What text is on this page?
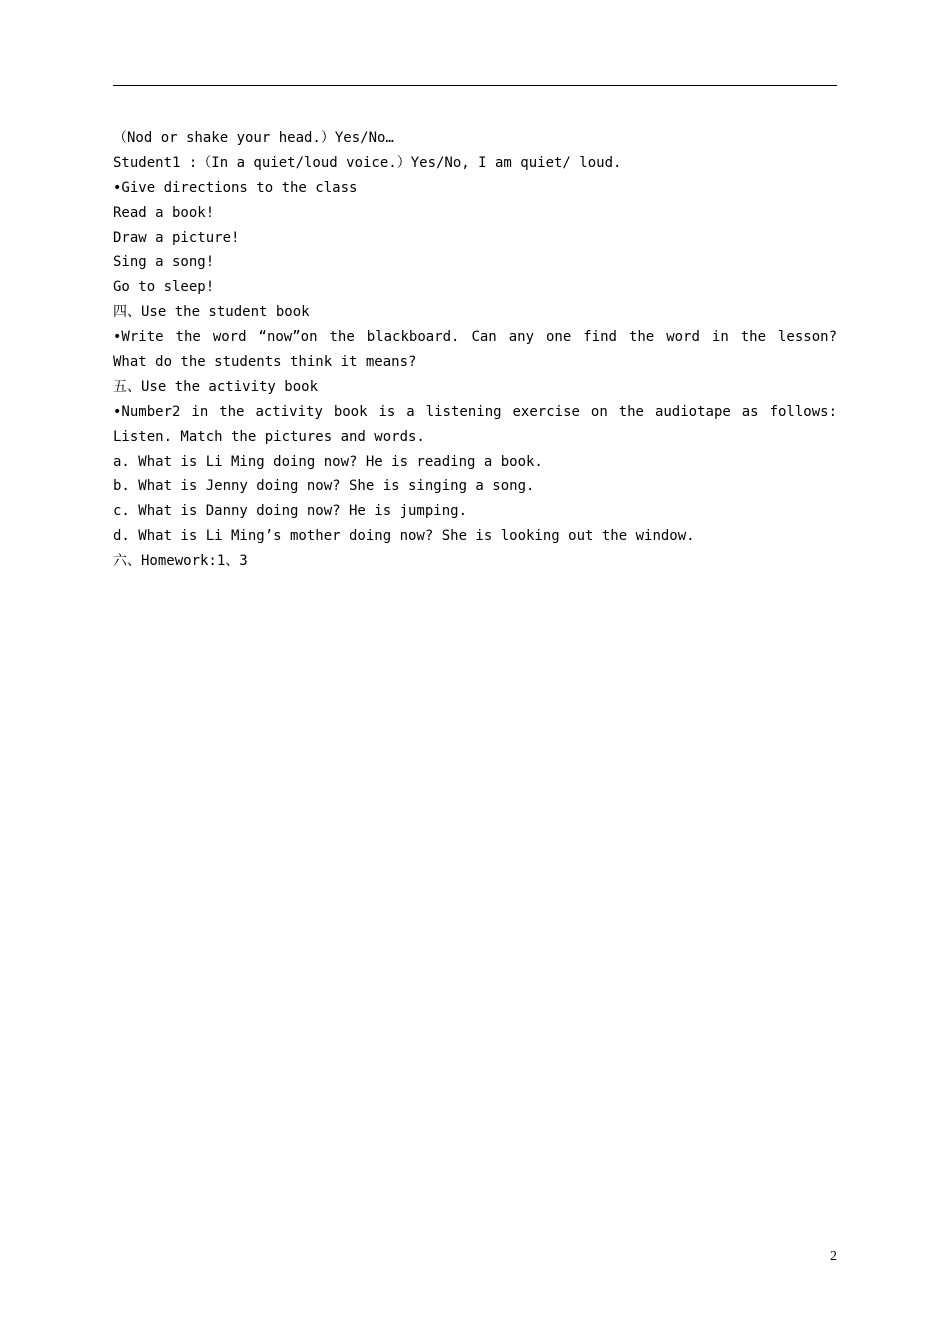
（Nod or shake your head.）Yes/No…
Student1 :（In a quiet/loud voice.）Yes/No, I am quiet/ loud.
•Give directions to the class
Read a book!
Draw a picture!
Sing a song!
Go to sleep!
四、Use the student book
•Write the word “now”on the blackboard. Can any one find the word in the lesson?
What do the students think it means?
五、Use the activity book
•Number2 in the activity book is a listening exercise on the audiotape as follows:
Listen. Match the pictures and words.
a. What is Li Ming doing now? He is reading a book.
b. What is Jenny doing now? She is singing a song.
c. What is Danny doing now? He is jumping.
d. What is Li Ming’s mother doing now? She is looking out the window.
六、Homework:1、3
2
